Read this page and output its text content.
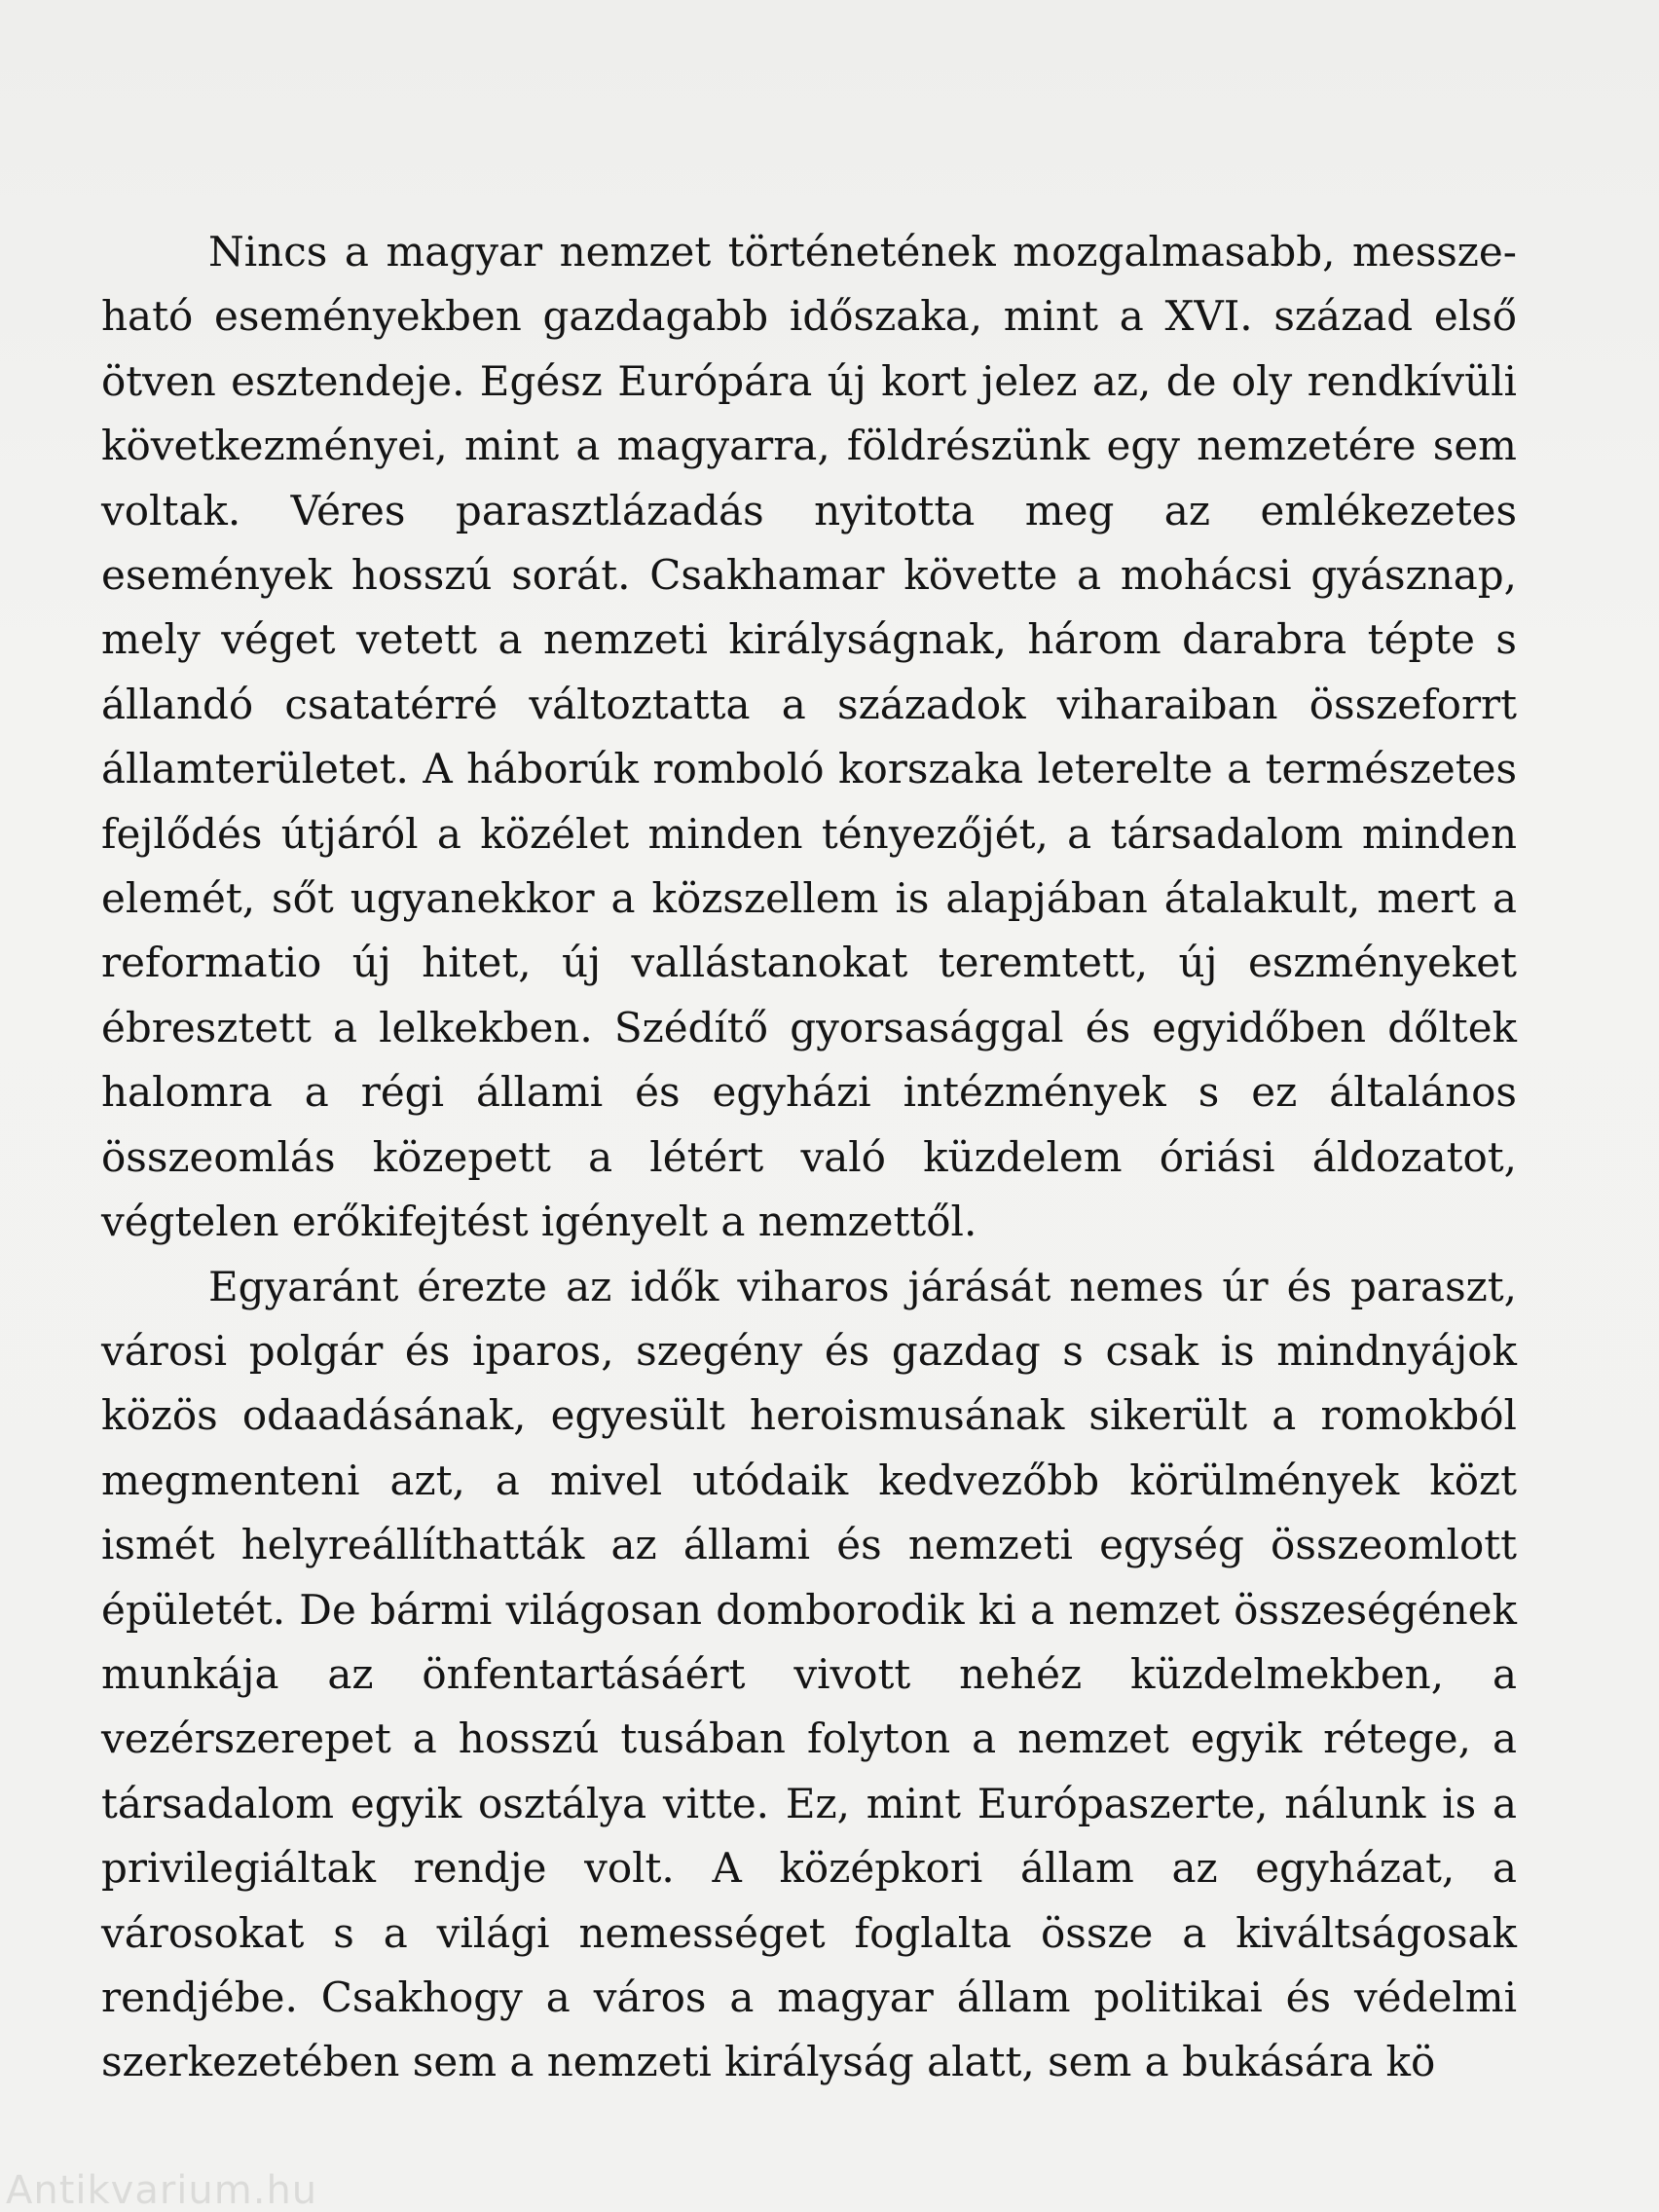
Nincs a magyar nemzet történetének mozgalmasabb, messzeható eseményekben gazdagabb időszaka, mint a XVI. század első ötven esztendeje. Egész Európára új kort jelez az, de oly rendkívüli következményei, mint a magyarra, földrészünk egy nemzetére sem voltak. Véres parasztlázadás nyitotta meg az emlékezetes események hosszú sorát. Csakhamar követte a mohácsi gyásznap, mely véget vetett a nemzeti királyságnak, három darabra tépte s állandó csatatérré változtatta a századok viharaiban összeforrt államterületet. A háborúk romboló korszaka leterelte a természetes fejlődés útjáról a közélet minden tényezőjét, a társadalom minden elemét, sőt ugyanekkor a közszellem is alapjában átalakult, mert a reformatio új hitet, új vallástanokat teremtett, új eszményeket ébresztett a lelkekben. Szédítő gyorsasággal és egyidőben dőltek halomra a régi állami és egyházi intézmények s ez általános összeomlás közepett a létért való küzdelem óriási áldozatot, végtelen erőkifejtést igényelt a nemzettől.

Egyaránt érezte az idők viharos járását nemes úr és paraszt, városi polgár és iparos, szegény és gazdag s csak is mindnyájok közös odaadásának, egyesült heroismusának sikerült a romokból megmenteni azt, a mivel utódaik kedvezőbb körülmények közt ismét helyreállíthatták az állami és nemzeti egység összeomlott épületét. De bármi világosan domborodik ki a nemzet összeségének munkája az önfentartásáért vivott nehéz küzdelmekben, a vezérszerepet a hosszú tusában folyton a nemzet egyik rétege, a társadalom egyik osztálya vitte. Ez, mint Európaszerte, nálunk is a privilegiáltak rendje volt. A középkori állam az egyházat, a városokat s a világi nemességet foglalta össze a kiváltságosak rendjébe. Csakhogy a város a magyar állam politikai és védelmi szerkezetében sem a nemzeti királyság alatt, sem a bukására kö

Antikvarium.hu
